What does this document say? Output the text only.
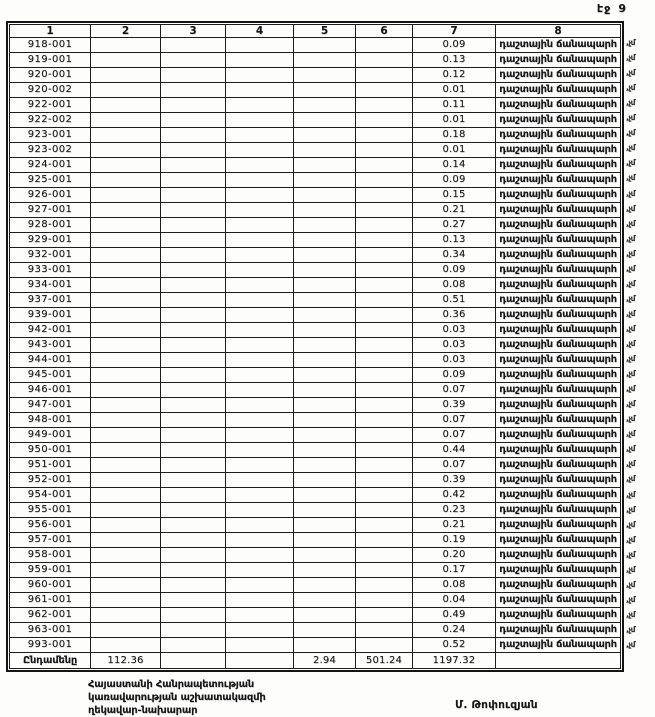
էջ 9
1	2	3	4	5	6	7	8
918-001						0.09	դաշտային ճանապարհ
919-001						0.13	դաշտային ճանապարհ
920-001						0.12	դաշտային ճանապարհ
920-002						0.01	դաշտային ճանապարհ
922-001						0.11	դաշտային ճանապարհ
922-002						0.01	դաշտային ճանապարհ
923-001						0.18	դաշտային ճանապարհ
923-002						0.01	դաշտային ճանապարհ
924-001						0.14	դաշտային ճանապարհ
925-001						0.09	դաշտային ճանապարհ
926-001						0.15	դաշտային ճանապարհ
927-001						0.21	դաշտային ճանապարհ
928-001						0.27	դաշտային ճանապարհ
929-001						0.13	դաշտային ճանապարհ
932-001						0.34	դաշտային ճանապարհ
933-001						0.09	դաշտային ճանապարհ
934-001						0.08	դաշտային ճանապարհ
937-001						0.51	դաշտային ճանապարհ
939-001						0.36	դաշտային ճանապարհ
942-001						0.03	դաշտային ճանապարհ
943-001						0.03	դաշտային ճանապարհ
944-001						0.03	դաշտային ճանապարհ
945-001						0.09	դաշտային ճանապարհ
946-001						0.07	դաշտային ճանապարհ
947-001						0.39	դաշտային ճանապարհ
948-001						0.07	դաշտային ճանապարհ
949-001						0.07	դաշտային ճանապարհ
950-001						0.44	դաշտային ճանապարհ
951-001						0.07	դաշտային ճանապարհ
952-001						0.39	դաշտային ճանապարհ
954-001						0.42	դաշտային ճանապարհ
955-001						0.23	դաշտային ճանապարհ
956-001						0.21	դաշտային ճանապարհ
957-001						0.19	դաշտային ճանապարհ
958-001						0.20	դաշտային ճանապարհ
959-001						0.17	դաշտային ճանապարհ
960-001						0.08	դաշտային ճանապարհ
961-001						0.04	դաշտային ճանապարհ
962-001						0.49	դաշտային ճանապարհ
963-001						0.24	դաշտային ճանապարհ
993-001						0.52	դաշտային ճանապարհ
Ընդամենը	112.36			2.94	501.24	1197.32	
,չմ
,չմ
,չմ
,չմ
,չմ
,չմ
,չմ
,չմ
,չմ
,չմ
,չմ
,չմ
,չմ
,չմ
,չմ
,չմ
,չմ
,չմ
,չմ
,չմ
,չմ
,չմ
,չմ
,չմ
,չմ
,չմ
,չմ
,չմ
,չմ
,չմ
,չմ
,չմ
,չմ
,չմ
,չմ
,չմ
,չմ
,չմ
,չմ
,չմ
,չմ
Հայաստանի Հանրապետության
կառավարության աշխատակազմի
ղեկավար-նախարար	Մ. Թոփուզյան
